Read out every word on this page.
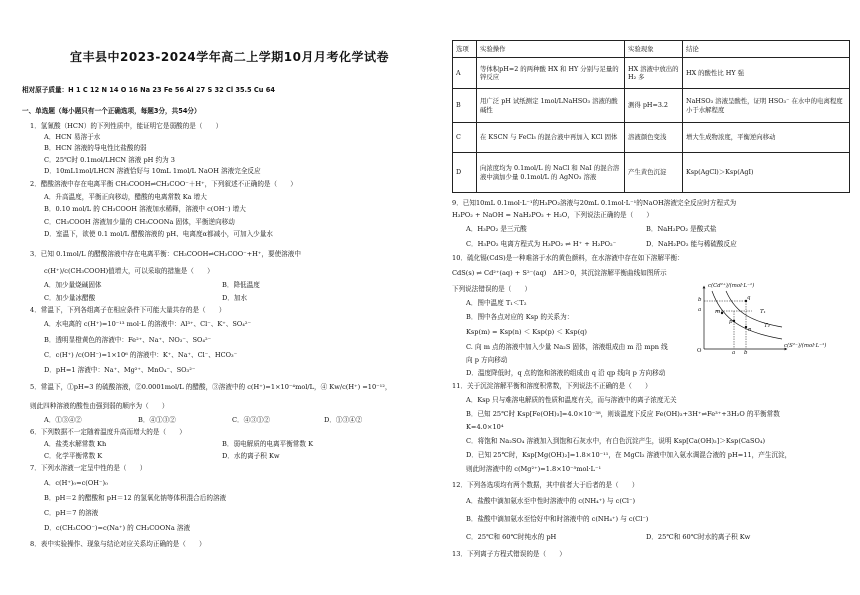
宜丰县中2023-2024学年高二上学期10月月考化学试卷
相对原子质量：H 1 C 12 N 14 O 16 Na 23 Fe 56 Al 27 S 32 Cl 35.5 Cu 64
一、单选题（每小题只有一个正确选项，每题3分，共54分）
1．氢氰酸（HCN）的下列性质中，能证明它是弱酸的是（　　）
A．HCN 易溶于水
B．HCN 溶液的导电性比盐酸的弱
C．25℃时 0.1mol/LHCN 溶液 pH 约为 3
D．10mL1mol/LHCN 溶液恰好与 10mL 1mol/L NaOH 溶液完全反应
2．醋酸溶液中存在电离平衡 CH₃COOH⇌CH₃COO⁻＋H⁺，下列叙述不正确的是（　　）
A．升高温度，平衡正向移动，醋酸的电离常数 Ka 增大
B．0.10 mol/L 的 CH₃COOH 溶液加水稀释，溶液中 c(OH⁻) 增大
C．CH₃COOH 溶液加少量的 CH₃COONa 固体，平衡逆向移动
D．室温下，欲使 0.1 mol/L 醋酸溶液的 pH、电离度α都减小，可加入少量水
3．已知 0.1mol/L 的醋酸溶液中存在电离平衡：CH₃COOH⇌CH₃COO⁻+H⁺，要使溶液中
c(H⁺)/c(CH₃COOH)值增大，可以采取的措施是（　　）
A．加少量烧碱固体	B．降低温度
C．加少量冰醋酸	D．加水
4．常温下，下列各组离子在相应条件下可能大量共存的是（　　）
A．水电离的 c(H⁺)=10⁻¹³ mol·L 的溶液中：Al³⁺、Cl⁻、K⁺、SO₄²⁻
B．透明显橙黄色的溶液中：Fe²⁺、Na⁺、NO₃⁻、SO₄²⁻
C．c(H⁺) /c(OH⁻)=1×10⁶ 的溶液中：K⁺、Na⁺、Cl⁻、HCO₃⁻
D．pH=1 溶液中：Na⁺、Mg²⁺、MnO₄⁻、SO₃²⁻
5．常温下，①pH=3 的硫酸溶液，②0.0001mol/L 的醋酸，③溶液中的 c(H⁺)=1×10⁻⁴mol/L，④ Kw/c(H⁺) =10⁻¹²，
则此四种溶液的酸性由强到弱的顺序为（　　）
A．①③④②	B．④①③②	C．④③①②	D．①③④②
6．下列数据不一定随着温度升高而增大的是（　　）
A．盐类水解常数 Kh	B．弱电解质的电离平衡常数 K
C．化学平衡常数 K	D．水的离子积 Kw
7．下列水溶液一定呈中性的是（　　）
A．c(H⁺)₀=c(OH⁻)₀
B．pH＝2 的醋酸和 pH＝12 的氢氧化钠等体积混合后的溶液
C．pH＝7 的溶液
D．c(CH₃COO⁻)=c(Na⁺) 的 CH₃COONa 溶液
8．表中实验操作、现象与结论对应关系均正确的是（　　）
选项	实验操作	实验现象	结论
A	等体积pH=2 的两种酸 HX 和 HY 分别与足量的锌反应	HX 溶液中放出的 H₂ 多	HX 的酸性比 HY 强
B	用广泛 pH 试纸测定 1mol/LNaHSO₃ 溶液的酸碱性	测得 pH=3.2	NaHSO₃ 溶液呈酸性，证明 HSO₃⁻ 在水中的电离程度小于水解程度
C	在 KSCN 与 FeCl₃ 的混合液中再加入 KCl 固体	溶液颜色变浅	增大生成物浓度，平衡逆向移动
D	向浓度均为 0.1mol/L 的 NaCl 和 NaI 的混合溶液中滴加少量 0.1mol/L 的 AgNO₃ 溶液	产生黄色沉淀	Ksp(AgCl)＞Ksp(AgI)
9．已知10mL 0.1mol·L⁻¹的H₃PO₂溶液与20mL 0.1mol·L⁻¹的NaOH溶液完全反应时方程式为
H₃PO₂ + NaOH = NaH₂PO₂ + H₂O，下列说法正确的是（　　）
A．H₃PO₂ 是三元酸	B．NaH₂PO₂ 是酸式盐
C．H₃PO₂ 电离方程式为 H₃PO₂ ⇌ H⁺ + H₂PO₂⁻	D．NaH₂PO₂ 能与稀硫酸反应
10．硫化镉(CdS)是一种难溶于水的黄色颜料，在水溶液中存在如下溶解平衡：
CdS(s) ⇌ Cd²⁺(aq) + S²⁻(aq)　ΔH＞0，其沉淀溶解平衡曲线如图所示
下列说法错误的是（　　）
A．图中温度 T₁＜T₂
B．图中各点对应的 Ksp 的关系为：
Ksp(m) = Ksp(n) ＜ Ksp(p) ＜ Ksp(q)
C. 向 m 点的溶液中加入少量 Na₂S 固体，溶液组成由 m 沿 mpn 线
向 p 方向移动
D．温度降低时，q 点的饱和溶液的组成由 q 沿 qp 线向 p 方向移动
c(Cd²⁺)/(mol·L⁻¹)
c(S²⁻)/(mol·L⁻¹)
O
q
m
p
n
b
a
a b
T₁
T₂
11．关于沉淀溶解平衡和溶度积常数，下列说法不正确的是（　　）
A．Ksp 只与难溶电解质的性质和温度有关，而与溶液中的离子浓度无关
B．已知 25℃时 Ksp[Fe(OH)₃]=4.0×10⁻³⁸，则该温度下反应 Fe(OH)₃+3H⁺⇌Fe³⁺+3H₂O 的平衡常数
K=4.0×10⁴
C．将饱和 Na₂SO₄ 溶液加入到饱和石灰水中，有白色沉淀产生，说明 Ksp[Ca(OH)₂]＞Ksp(CaSO₄)
D．已知 25℃时，Ksp[Mg(OH)₂]=1.8×10⁻¹¹，在 MgCl₂ 溶液中加入氨水调混合液的 pH=11，产生沉淀，
则此时溶液中的 c(Mg²⁺)=1.8×10⁻⁵mol·L⁻¹
12．下列各选项均有两个数据，其中前者大于后者的是（　　）
A．盐酸中滴加氨水至中性时溶液中的 c(NH₄⁺) 与 c(Cl⁻)
B．盐酸中滴加氨水至恰好中和时溶液中的 c(NH₄⁺) 与 c(Cl⁻)
C．25℃和 60℃时纯水的 pH	D．25℃和 60℃时水的离子积 Kw
13．下列离子方程式错误的是（　　）
